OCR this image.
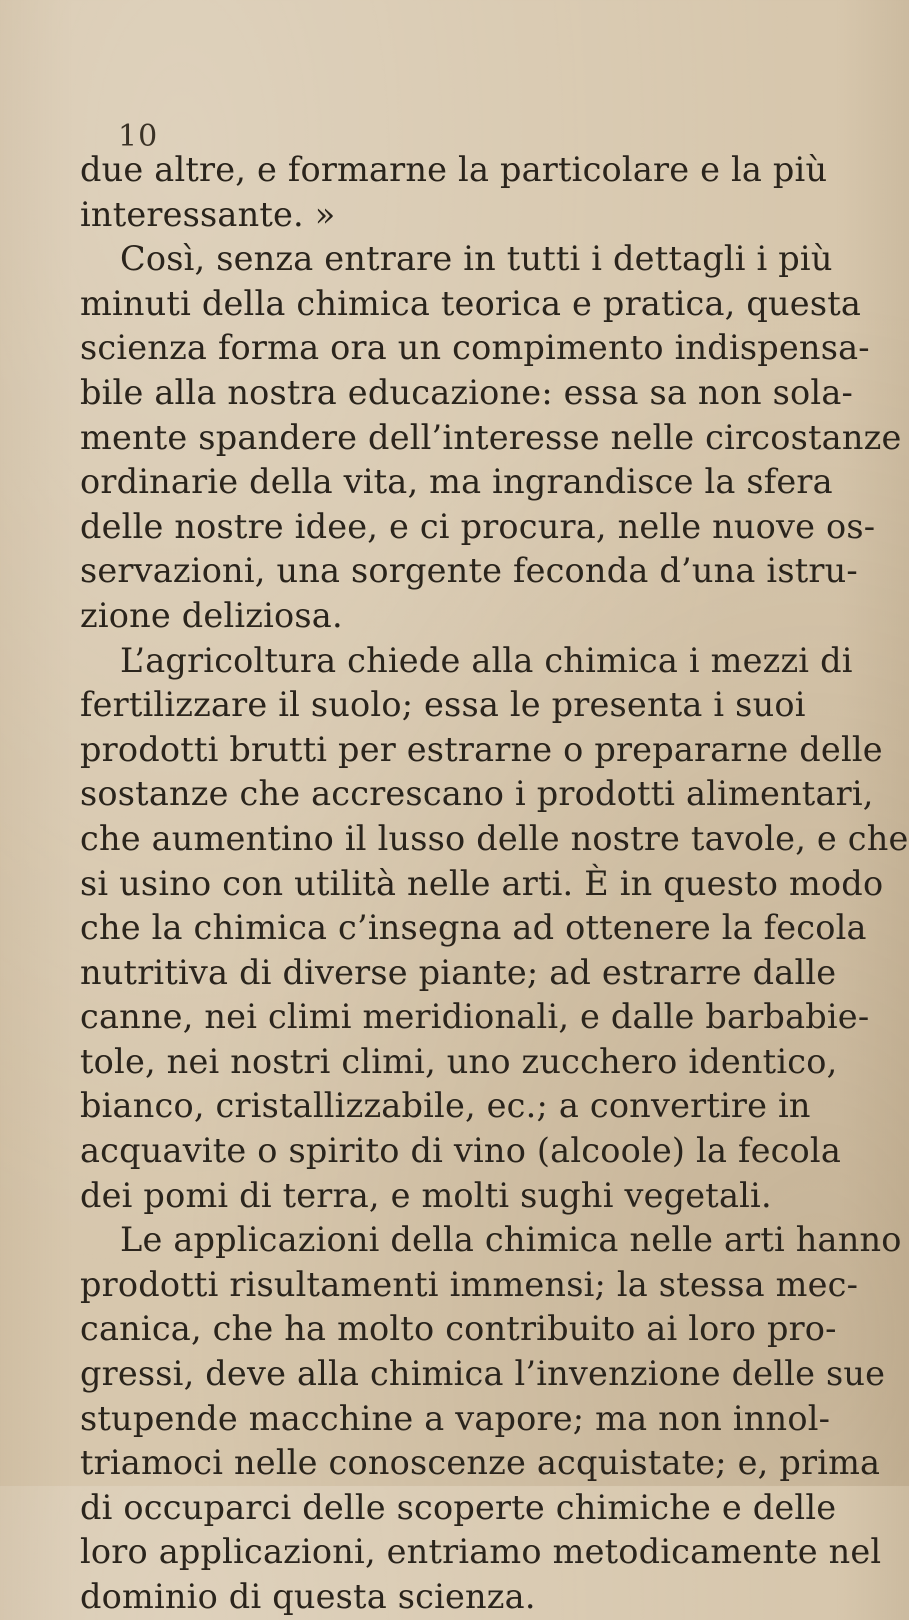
10
due altre, e formarne la particolare e la più
interessante. »
Così, senza entrare in tutti i dettagli i più
minuti della chimica teorica e pratica, questa
scienza forma ora un compimento indispensa-
bile alla nostra educazione: essa sa non sola-
mente spandere dell’interesse nelle circostanze
ordinarie della vita, ma ingrandisce la sfera
delle nostre idee, e ci procura, nelle nuove os-
servazioni, una sorgente feconda d’una istru-
zione deliziosa.
L’agricoltura chiede alla chimica i mezzi di
fertilizzare il suolo; essa le presenta i suoi
prodotti brutti per estrarne o prepararne delle
sostanze che accrescano i prodotti alimentari,
che aumentino il lusso delle nostre tavole, e che
si usino con utilità nelle arti. È in questo modo
che la chimica c’insegna ad ottenere la fecola
nutritiva di diverse piante; ad estrarre dalle
canne, nei climi meridionali, e dalle barbabie-
tole, nei nostri climi, uno zucchero identico,
bianco, cristallizzabile, ec.; a convertire in
acquavite o spirito di vino (alcoole) la fecola
dei pomi di terra, e molti sughi vegetali.
Le applicazioni della chimica nelle arti hanno
prodotti risultamenti immensi; la stessa mec-
canica, che ha molto contribuito ai loro pro-
gressi, deve alla chimica l’invenzione delle sue
stupende macchine a vapore; ma non innol-
triamoci nelle conoscenze acquistate; e, prima
di occuparci delle scoperte chimiche e delle
loro applicazioni, entriamo metodicamente nel
dominio di questa scienza.
